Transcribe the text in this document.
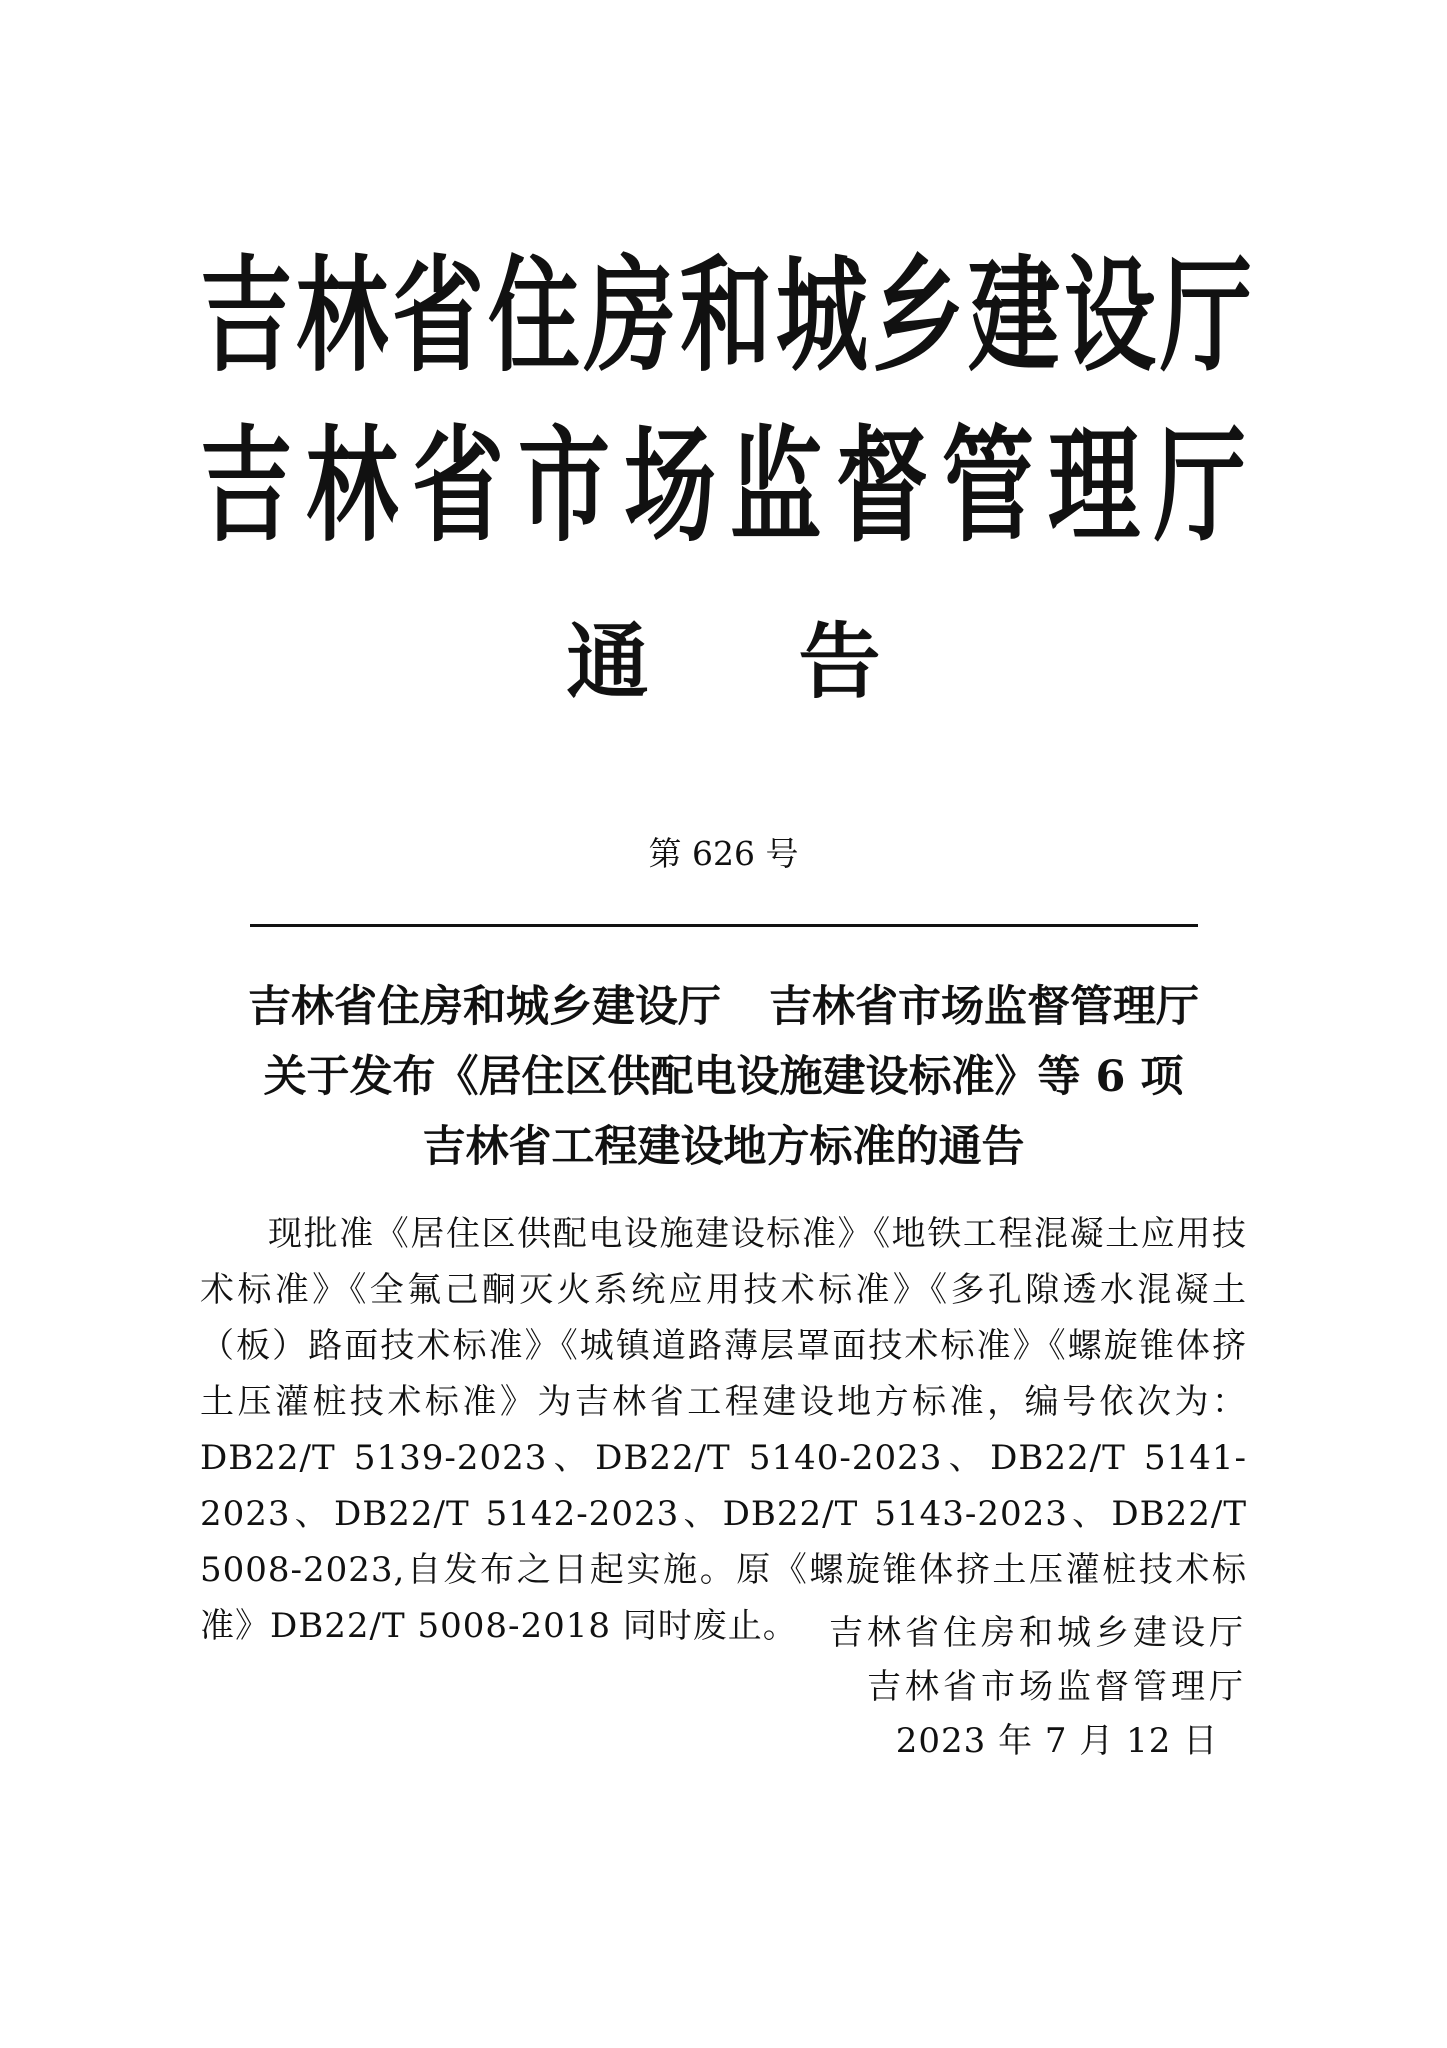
吉林省住房和城乡建设厅
吉林省市场监督管理厅
通告
第 626 号
吉林省住房和城乡建设厅 吉林省市场监督管理厅
关于发布《居住区供配电设施建设标准》等 6 项
吉林省工程建设地方标准的通告
现批准《居住区供配电设施建设标准》《地铁工程混凝土应用技术标准》《全氟己酮灭火系统应用技术标准》《多孔隙透水混凝土（板）路面技术标准》《城镇道路薄层罩面技术标准》《螺旋锥体挤土压灌桩技术标准》为吉林省工程建设地方标准，编号依次为：DB22/T 5139-2023、DB22/T 5140-2023、DB22/T 5141-2023、DB22/T 5142-2023、DB22/T 5143-2023、DB22/T 5008-2023,自发布之日起实施。原《螺旋锥体挤土压灌桩技术标准》DB22/T 5008-2018 同时废止。 吉林省住房和城乡建设厅
吉林省市场监督管理厅
2023 年 7 月 12 日
